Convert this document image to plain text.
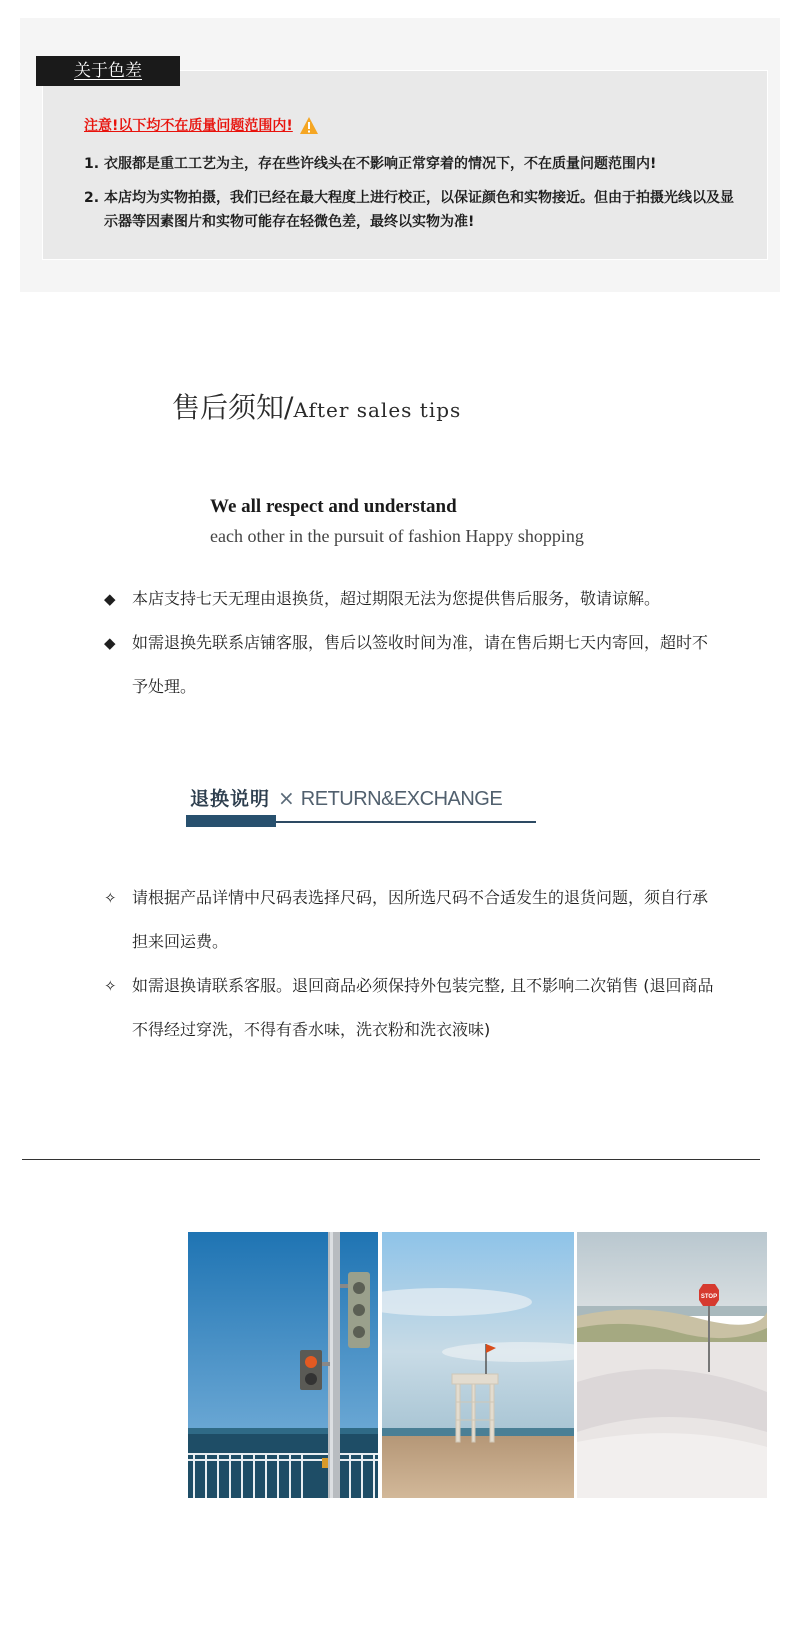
关于色差
注意!以下均不在质量问题范围内!
1. 衣服都是重工工艺为主，存在些许线头在不影响正常穿着的情况下，不在质量问题范围内!
2. 本店均为实物拍摄，我们已经在最大程度上进行校正，以保证颜色和实物接近。但由于拍摄光线以及显示器等因素图片和实物可能存在轻微色差，最终以实物为准!
售后须知/After sales tips
We all respect and understand
each other in the pursuit of fashion Happy shopping
◆	本店支持七天无理由退换货，超过期限无法为您提供售后服务，敬请谅解。
◆	如需退换先联系店铺客服，售后以签收时间为准，请在售后期七天内寄回，超时不予处理。
退换说明 × RETURN&EXCHANGE
✧ 请根据产品详情中尺码表选择尺码，因所选尺码不合适发生的退货问题，须自行承担来回运费。
✧ 如需退换请联系客服。退回商品必须保持外包装完整, 且不影响二次销售 (退回商品不得经过穿洗，不得有香水味，洗衣粉和洗衣液味)
STOP
